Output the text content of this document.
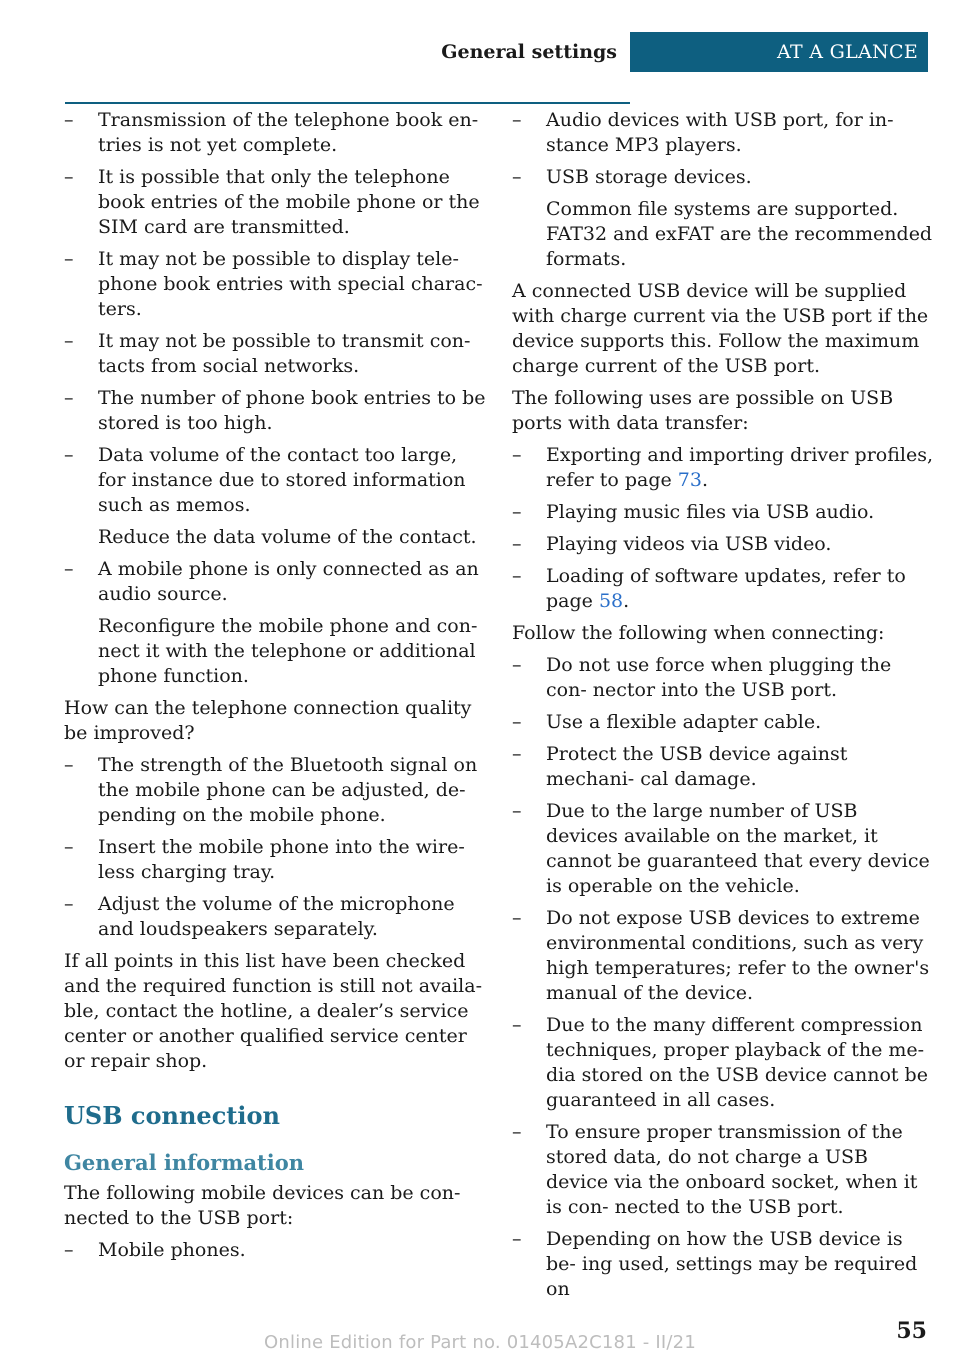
General settings	AT A GLANCE
– Transmission of the telephone book en‐ tries is not yet complete.
– It is possible that only the telephone book entries of the mobile phone or the SIM card are transmitted.
– It may not be possible to display tele‐ phone book entries with special charac‐ ters.
– It may not be possible to transmit con‐ tacts from social networks.
– The number of phone book entries to be stored is too high.
– Data volume of the contact too large, for instance due to stored information such as memos.
Reduce the data volume of the contact.
– A mobile phone is only connected as an audio source.
Reconfigure the mobile phone and con‐ nect it with the telephone or additional phone function.

How can the telephone connection quality be improved?

– The strength of the Bluetooth signal on the mobile phone can be adjusted, de‐ pending on the mobile phone.
– Insert the mobile phone into the wire‐ less charging tray.
– Adjust the volume of the microphone and loudspeakers separately.

If all points in this list have been checked and the required function is still not availa‐ ble, contact the hotline, a dealer’s service center or another qualified service center or repair shop.

USB connection
General information

The following mobile devices can be con‐ nected to the USB port:

– Mobile phones.
– Audio devices with USB port, for in‐ stance MP3 players.
– USB storage devices.
Common file systems are supported. FAT32 and exFAT are the recommended formats.

A connected USB device will be supplied with charge current via the USB port if the device supports this. Follow the maximum charge current of the USB port.

The following uses are possible on USB ports with data transfer:

– Exporting and importing driver profiles, refer to page 73.
– Playing music files via USB audio.
– Playing videos via USB video.
– Loading of software updates, refer to page 58.

Follow the following when connecting:

– Do not use force when plugging the con‐ nector into the USB port.
– Use a flexible adapter cable.
– Protect the USB device against mechani‐ cal damage.
– Due to the large number of USB devices available on the market, it cannot be guaranteed that every device is operable on the vehicle.
– Do not expose USB devices to extreme environmental conditions, such as very high temperatures; refer to the owner's manual of the device.
– Due to the many different compression techniques, proper playback of the me‐ dia stored on the USB device cannot be guaranteed in all cases.
– To ensure proper transmission of the stored data, do not charge a USB device via the onboard socket, when it is con‐ nected to the USB port.
– Depending on how the USB device is be‐ ing used, settings may be required on
Online Edition for Part no. 01405A2C181 - II/21	55
